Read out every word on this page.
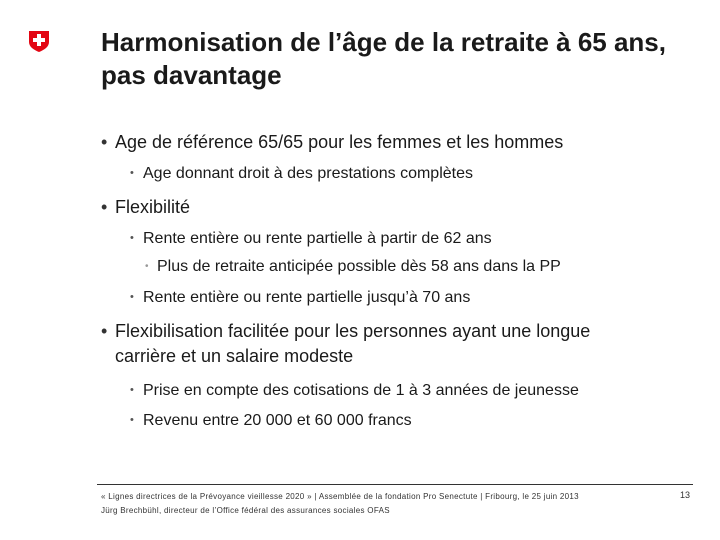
Harmonisation de l’âge de la retraite à 65 ans, pas davantage
• Age de référence 65/65 pour les femmes et les hommes
• Age donnant droit à des prestations complètes
• Flexibilité
• Rente entière ou rente partielle à partir de 62 ans
• Plus de retraite anticipée possible dès 58 ans dans la PP
• Rente entière ou rente partielle jusqu’à 70 ans
• Flexibilisation facilitée pour les personnes ayant une longue carrière et un salaire modeste
• Prise en compte des cotisations de 1 à 3 années de jeunesse
• Revenu entre 20 000 et 60 000 francs
« Lignes directrices de la Prévoyance vieillesse 2020 » | Assemblée de la fondation Pro Senectute | Fribourg, le 25 juin 2013
Jürg Brechbühl, directeur de l’Office fédéral des assurances sociales OFAS
13
